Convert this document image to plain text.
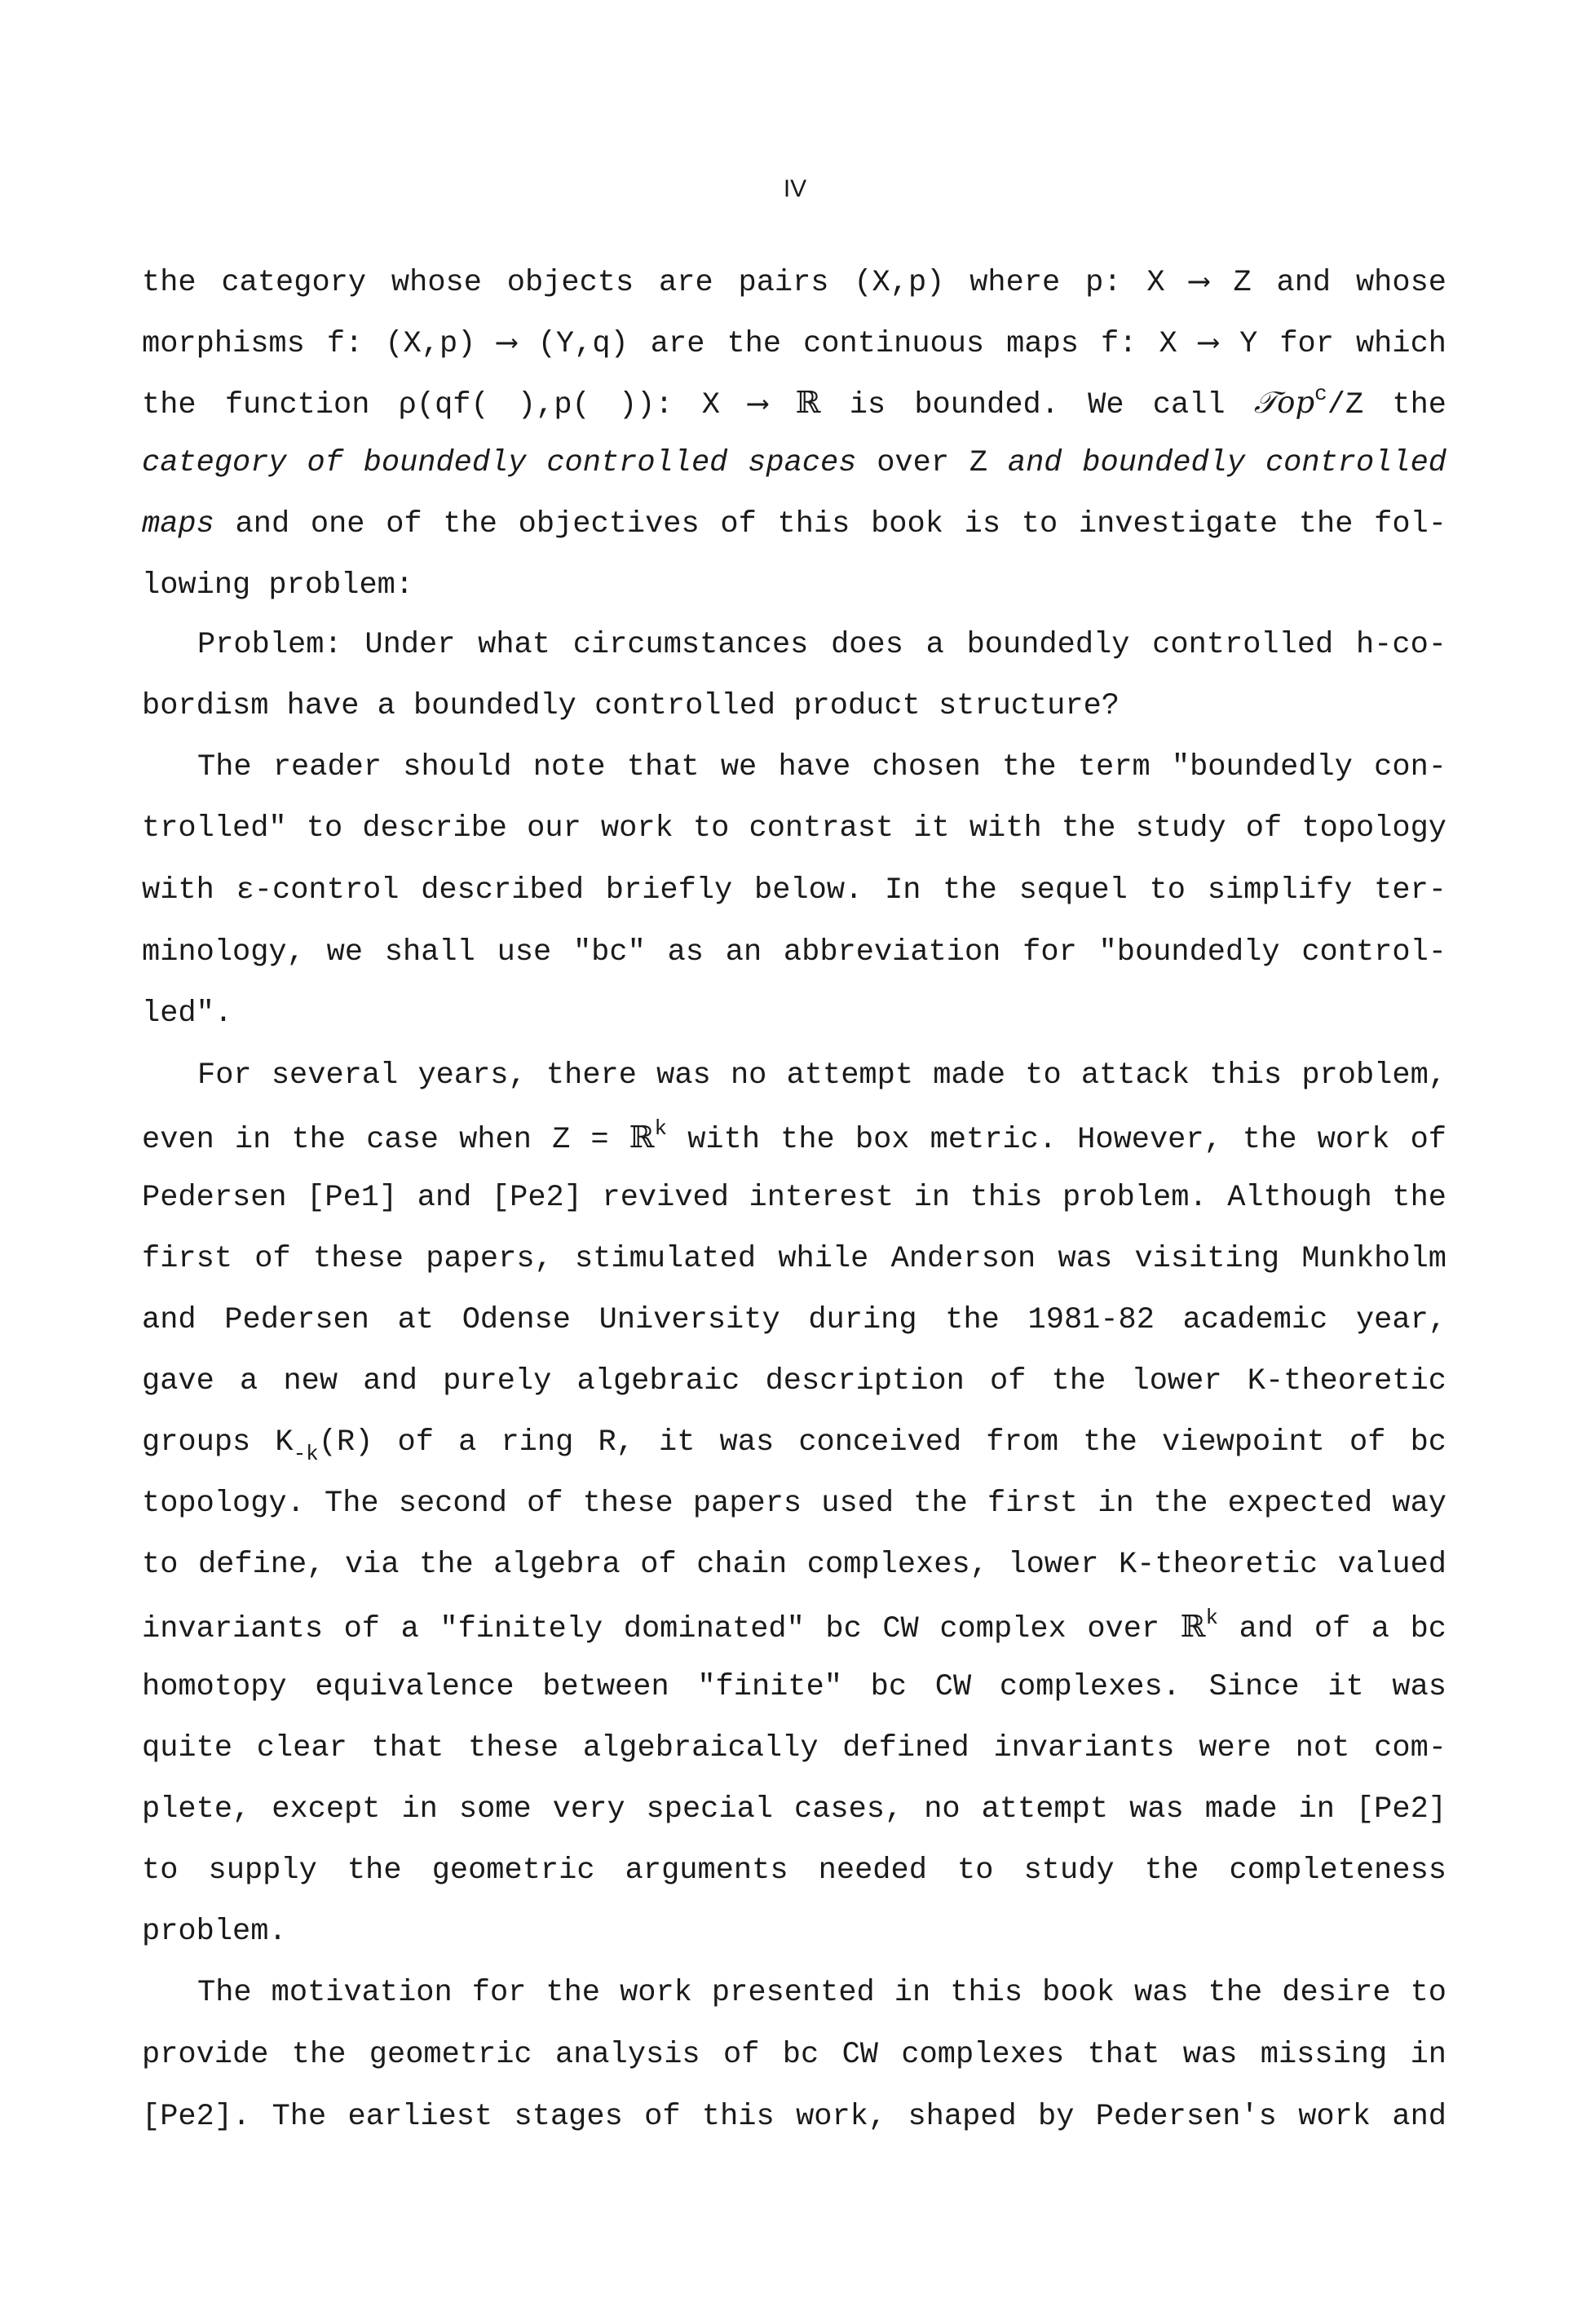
IV
the category whose objects are pairs (X,p) where p: X ⟶ Z and whose
morphisms f: (X,p) ⟶ (Y,q) are the continuous maps f: X ⟶ Y for which
the function ρ(qf( ),p( )): X ⟶ ℝ is bounded. We call 𝒯op$^c$/Z the
category of boundedly controlled spaces over Z and boundedly controlled
maps and one of the objectives of this book is to investigate the fol-
lowing problem:
Problem: Under what circumstances does a boundedly controlled h-co-
bordism have a boundedly controlled product structure?
The reader should note that we have chosen the term "boundedly con-
trolled" to describe our work to contrast it with the study of topology
with ε-control described briefly below. In the sequel to simplify ter-
minology, we shall use "bc" as an abbreviation for "boundedly control-
led".
For several years, there was no attempt made to attack this problem,
even in the case when Z = ℝ$^k$ with the box metric. However, the work of
Pedersen [Pe1] and [Pe2] revived interest in this problem. Although the
first of these papers, stimulated while Anderson was visiting Munkholm
and Pedersen at Odense University during the 1981-82 academic year,
gave a new and purely algebraic description of the lower K-theoretic
groups $K_{-k}(R)$ of a ring R, it was conceived from the viewpoint of bc
topology. The second of these papers used the first in the expected way
to define, via the algebra of chain complexes, lower K-theoretic valued
invariants of a "finitely dominated" bc CW complex over ℝ$^k$ and of a bc
homotopy equivalence between "finite" bc CW complexes. Since it was
quite clear that these algebraically defined invariants were not com-
plete, except in some very special cases, no attempt was made in [Pe2]
to supply the geometric arguments needed to study the completeness
problem.
The motivation for the work presented in this book was the desire to
provide the geometric analysis of bc CW complexes that was missing in
[Pe2]. The earliest stages of this work, shaped by Pedersen's work and
